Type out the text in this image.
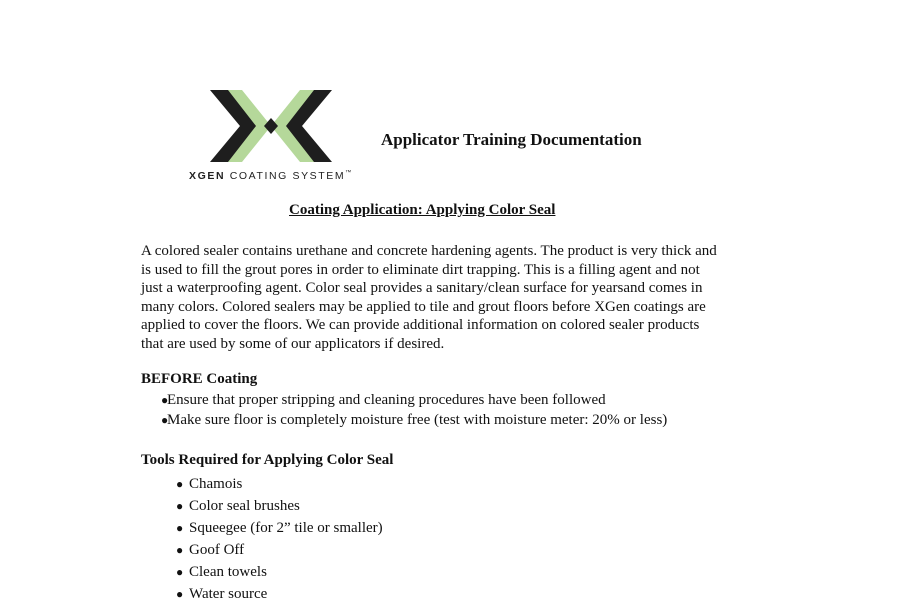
XGEN COATING SYSTEM™
Applicator Training Documentation
Coating Application: Applying Color Seal
A colored sealer contains urethane and concrete hardening agents. The product is very thick and
is used to fill the grout pores in order to eliminate dirt trapping. This is a filling agent and not
just a waterproofing agent. Color seal provides a sanitary/clean surface for yearsand comes in
many colors. Colored sealers may be applied to tile and grout floors before XGen coatings are
applied to cover the floors. We can provide additional information on colored sealer products
that are used by some of our applicators if desired.
BEFORE Coating
●Ensure that proper stripping and cleaning procedures have been followed
●Make sure floor is completely moisture free (test with moisture meter: 20% or less)
Tools Required for Applying Color Seal
● Chamois
● Color seal brushes
● Squeegee (for 2” tile or smaller)
● Goof Off
● Clean towels
● Water source
